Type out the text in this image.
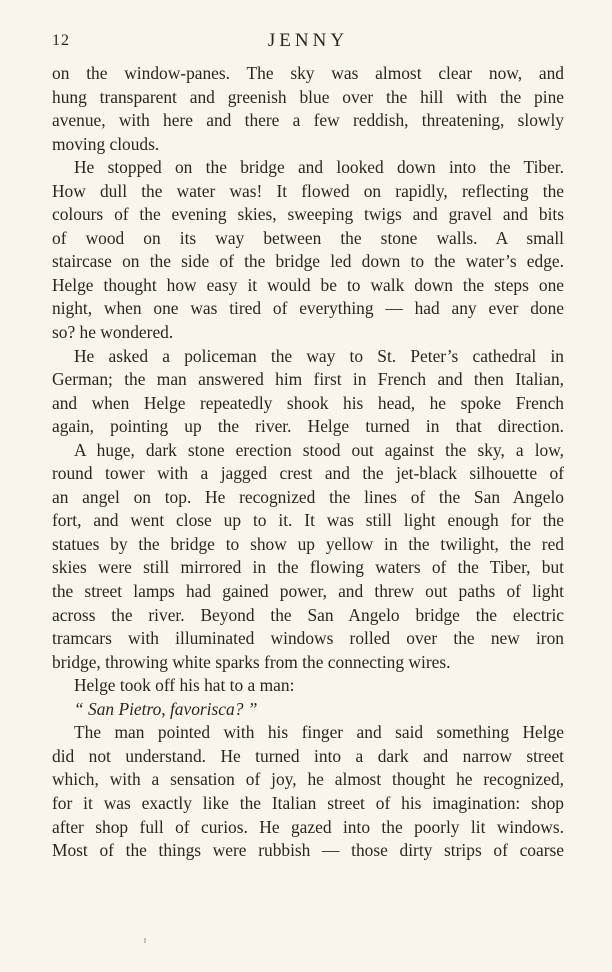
12	JENNY
on the window-panes. The sky was almost clear now, and
hung transparent and greenish blue over the hill with the pine
avenue, with here and there a few reddish, threatening, slowly
moving clouds.
He stopped on the bridge and looked down into the Tiber.
How dull the water was! It flowed on rapidly, reflecting the
colours of the evening skies, sweeping twigs and gravel and bits
of wood on its way between the stone walls. A small
staircase on the side of the bridge led down to the water’s edge.
Helge thought how easy it would be to walk down the steps one
night, when one was tired of everything — had any ever done
so? he wondered.
He asked a policeman the way to St. Peter’s cathedral in
German; the man answered him first in French and then Italian,
and when Helge repeatedly shook his head, he spoke French
again, pointing up the river. Helge turned in that direction.
A huge, dark stone erection stood out against the sky, a low,
round tower with a jagged crest and the jet-black silhouette of
an angel on top. He recognized the lines of the San Angelo
fort, and went close up to it. It was still light enough for the
statues by the bridge to show up yellow in the twilight, the red
skies were still mirrored in the flowing waters of the Tiber, but
the street lamps had gained power, and threw out paths of light
across the river. Beyond the San Angelo bridge the electric
tramcars with illuminated windows rolled over the new iron
bridge, throwing white sparks from the connecting wires.
Helge took off his hat to a man:
“ San Pietro, favorisca? ”
The man pointed with his finger and said something Helge
did not understand. He turned into a dark and narrow street
which, with a sensation of joy, he almost thought he recognized,
for it was exactly like the Italian street of his imagination: shop
after shop full of curios. He gazed into the poorly lit windows.
Most of the things were rubbish — those dirty strips of coarse
